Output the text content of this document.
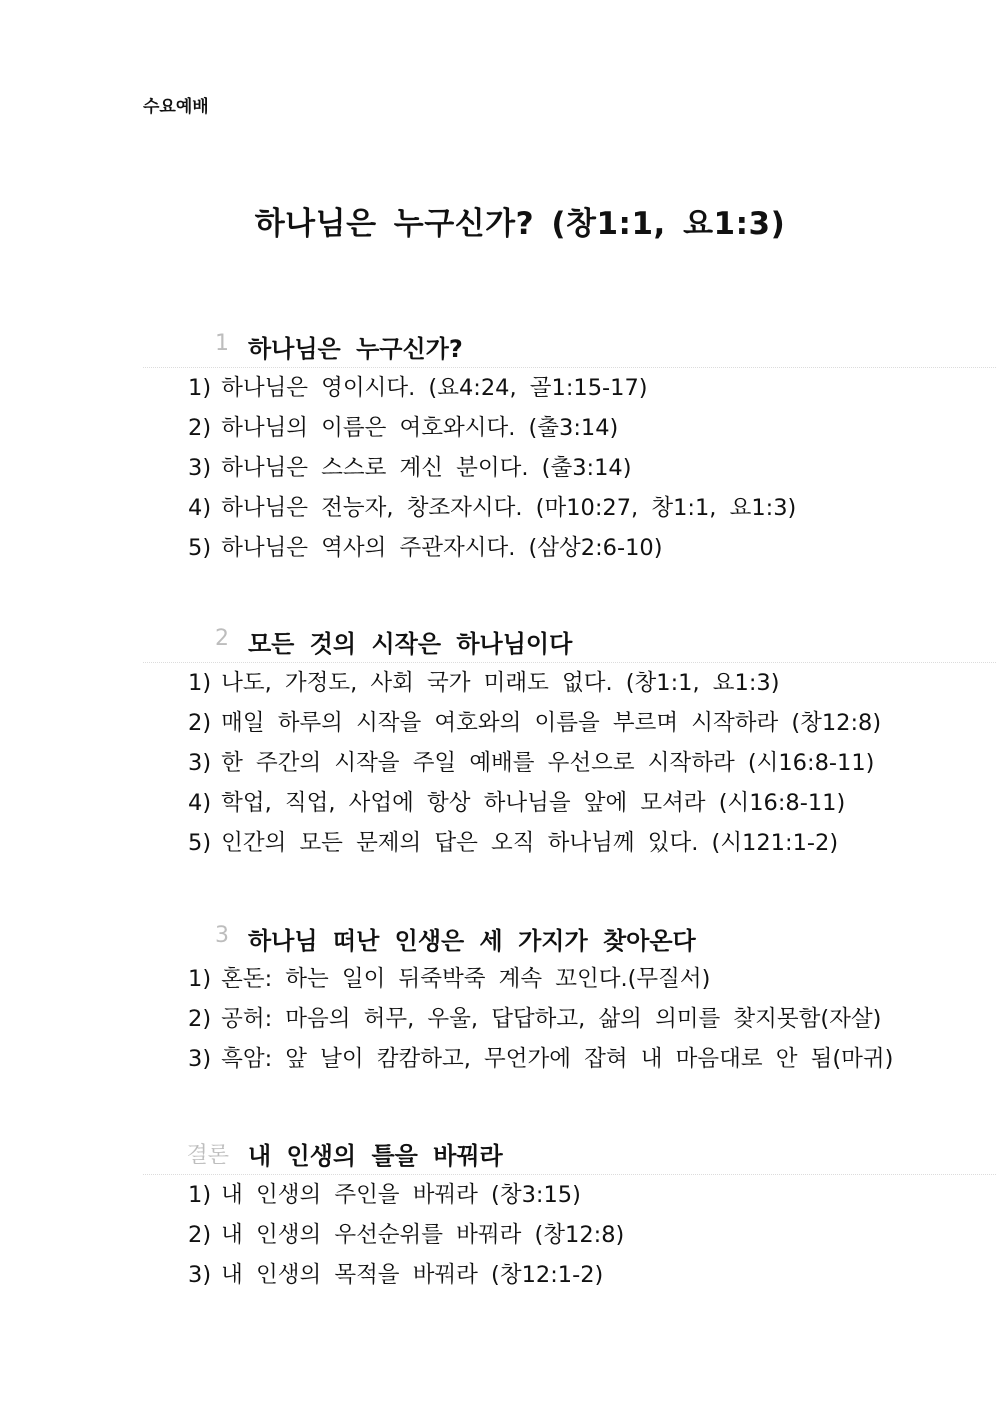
수요예배
하나님은 누구신가? (창1:1, 요1:3)
1 하나님은 누구신가?
1) 하나님은 영이시다. (요4:24, 골1:15-17)
2) 하나님의 이름은 여호와시다. (출3:14)
3) 하나님은 스스로 계신 분이다. (출3:14)
4) 하나님은 전능자, 창조자시다. (마10:27, 창1:1, 요1:3)
5) 하나님은 역사의 주관자시다. (삼상2:6-10)
2 모든 것의 시작은 하나님이다
1) 나도, 가정도, 사회 국가 미래도 없다. (창1:1, 요1:3)
2) 매일 하루의 시작을 여호와의 이름을 부르며 시작하라 (창12:8)
3) 한 주간의 시작을 주일 예배를 우선으로 시작하라 (시16:8-11)
4) 학업, 직업, 사업에 항상 하나님을 앞에 모셔라 (시16:8-11)
5) 인간의 모든 문제의 답은 오직 하나님께 있다. (시121:1-2)
3 하나님 떠난 인생은 세 가지가 찾아온다
1) 혼돈: 하는 일이 뒤죽박죽 계속 꼬인다.(무질서)
2) 공허: 마음의 허무, 우울, 답답하고, 삶의 의미를 찾지못함(자살)
3) 흑암: 앞 날이 캄캄하고, 무언가에 잡혀 내 마음대로 안 됨(마귀)
결론 내 인생의 틀을 바꿔라
1) 내 인생의 주인을 바꿔라 (창3:15)
2) 내 인생의 우선순위를 바꿔라 (창12:8)
3) 내 인생의 목적을 바꿔라 (창12:1-2)
